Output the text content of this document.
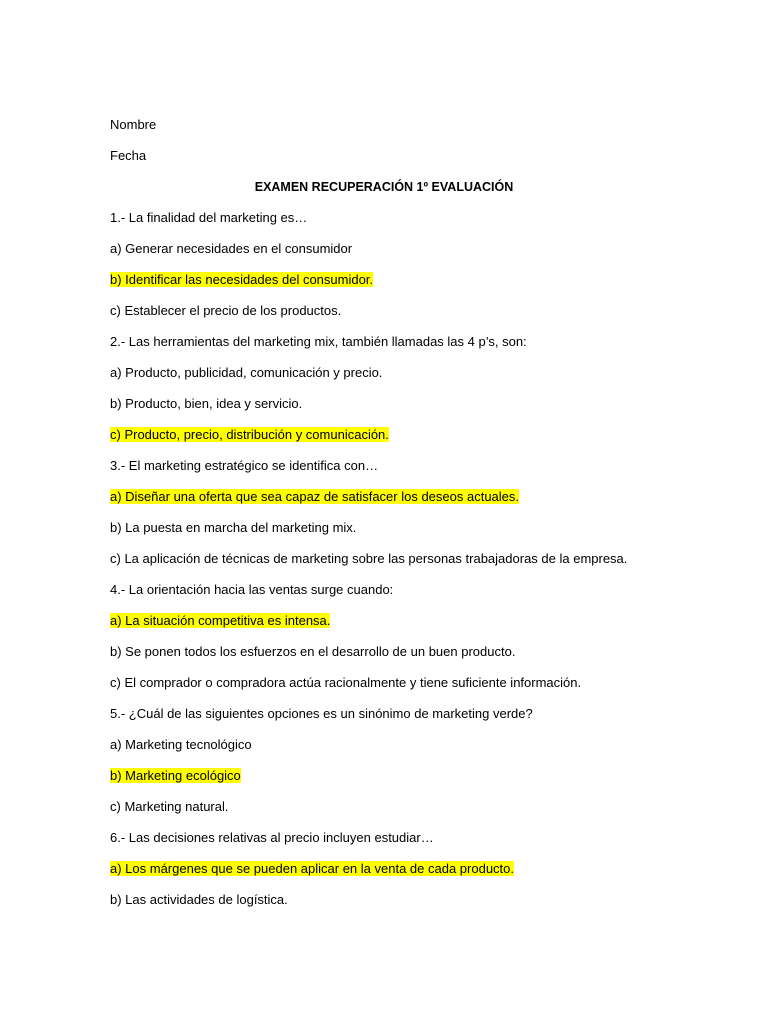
Nombre
Fecha
EXAMEN RECUPERACIÓN 1º EVALUACIÓN
1.- La finalidad del marketing es…
a) Generar necesidades en el consumidor
b) Identificar las necesidades del consumidor.
c) Establecer el precio de los productos.
2.- Las herramientas del marketing mix, también llamadas las 4 p’s, son:
a) Producto, publicidad, comunicación y precio.
b) Producto, bien, idea y servicio.
c) Producto, precio, distribución y comunicación.
3.- El marketing estratégico se identifica con…
a) Diseñar una oferta que sea capaz de satisfacer los deseos actuales.
b) La puesta en marcha del marketing mix.
c) La aplicación de técnicas de marketing sobre las personas trabajadoras de la empresa.
4.- La orientación hacia las ventas surge cuando:
a) La situación competitiva es intensa.
b) Se ponen todos los esfuerzos en el desarrollo de un buen producto.
c) El comprador o compradora actúa racionalmente y tiene suficiente información.
5.- ¿Cuál de las siguientes opciones es un sinónimo de marketing verde?
a) Marketing tecnológico
b) Marketing ecológico
c) Marketing natural.
6.- Las decisiones relativas al precio incluyen estudiar…
a) Los márgenes que se pueden aplicar en la venta de cada producto.
b) Las actividades de logística.
